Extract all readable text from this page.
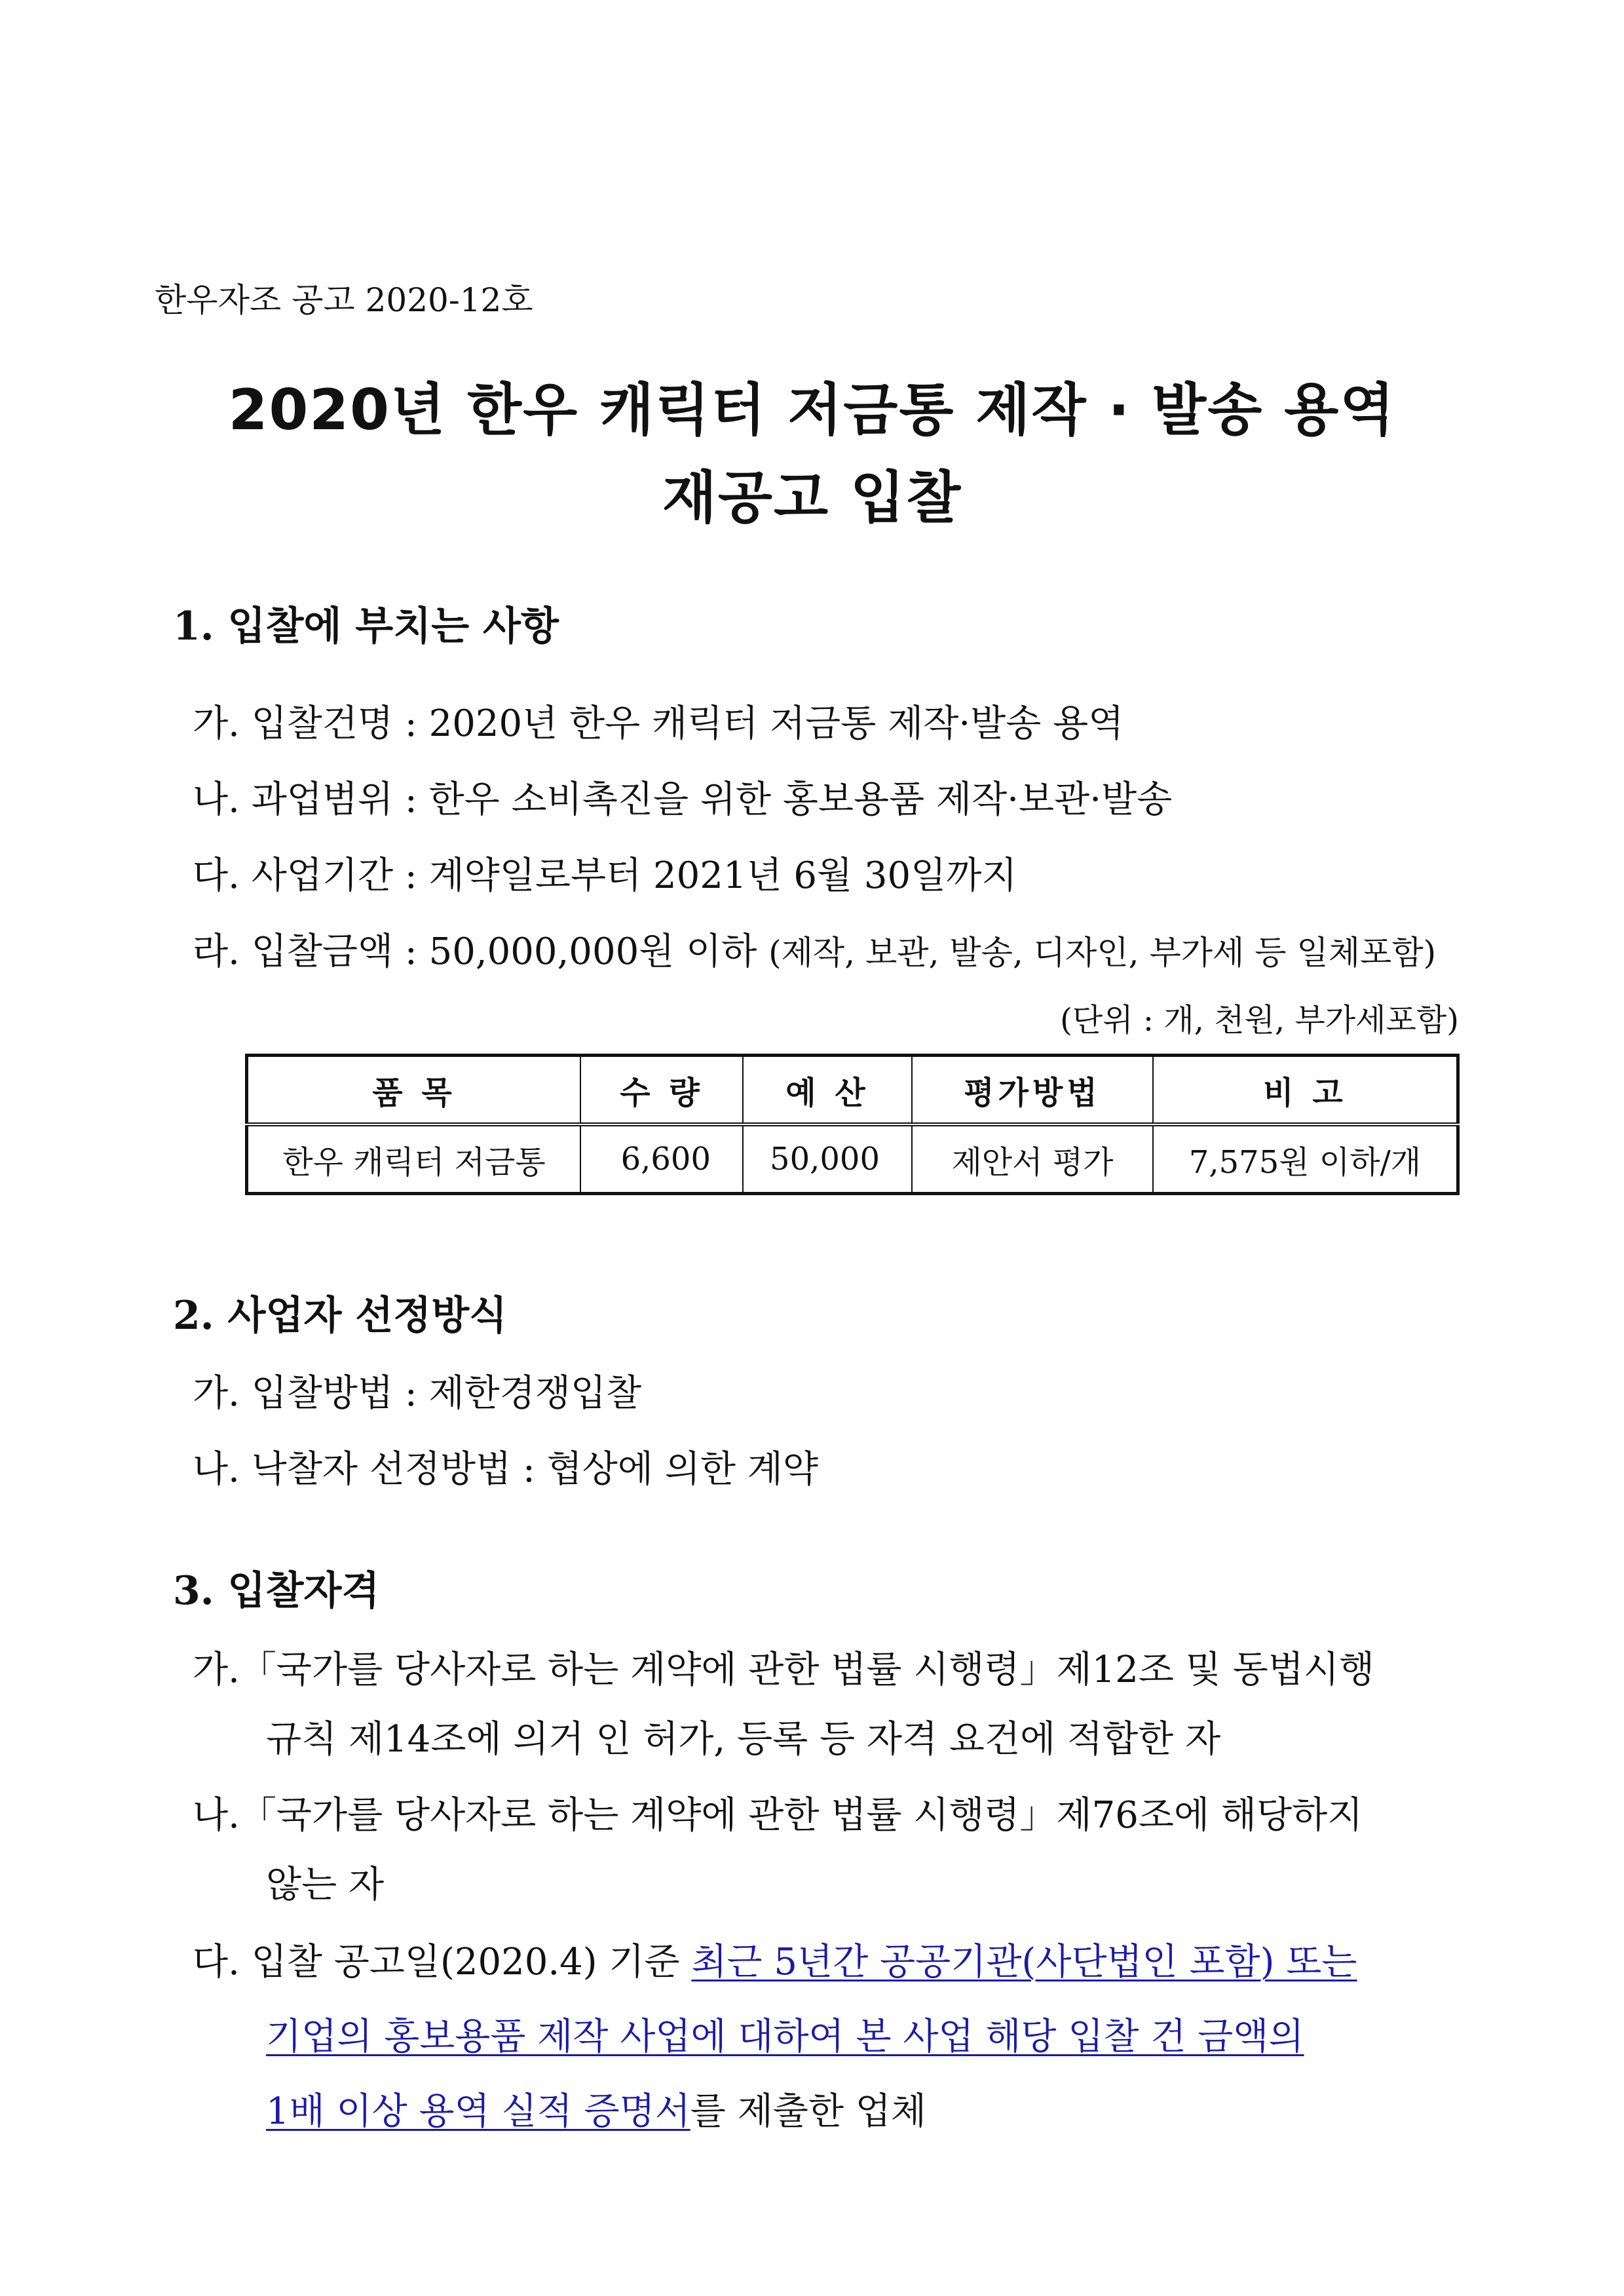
한우자조 공고 2020-12호
2020년 한우 캐릭터 저금통 제작 · 발송 용역
재공고 입찰
1. 입찰에 부치는 사항
가. 입찰건명 : 2020년 한우 캐릭터 저금통 제작·발송 용역
나. 과업범위 : 한우 소비촉진을 위한 홍보용품 제작·보관·발송
다. 사업기간 : 계약일로부터 2021년 6월 30일까지
라. 입찰금액 : 50,000,000원 이하 (제작, 보관, 발송, 디자인, 부가세 등 일체포함)
(단위 : 개, 천원, 부가세포함)
품 목	수 량	예 산	평가방법	비 고
한우 캐릭터 저금통	6,600	50,000	제안서 평가	7,575원 이하/개
2. 사업자 선정방식
가. 입찰방법 : 제한경쟁입찰
나. 낙찰자 선정방법 : 협상에 의한 계약
3. 입찰자격
가.「국가를 당사자로 하는 계약에 관한 법률 시행령」제12조 및 동법시행
규칙 제14조에 의거 인 허가, 등록 등 자격 요건에 적합한 자
나.「국가를 당사자로 하는 계약에 관한 법률 시행령」제76조에 해당하지
않는 자
다. 입찰 공고일(2020.4) 기준 최근 5년간 공공기관(사단법인 포함) 또는
기업의 홍보용품 제작 사업에 대하여 본 사업 해당 입찰 건 금액의
1배 이상 용역 실적 증명서를 제출한 업체
